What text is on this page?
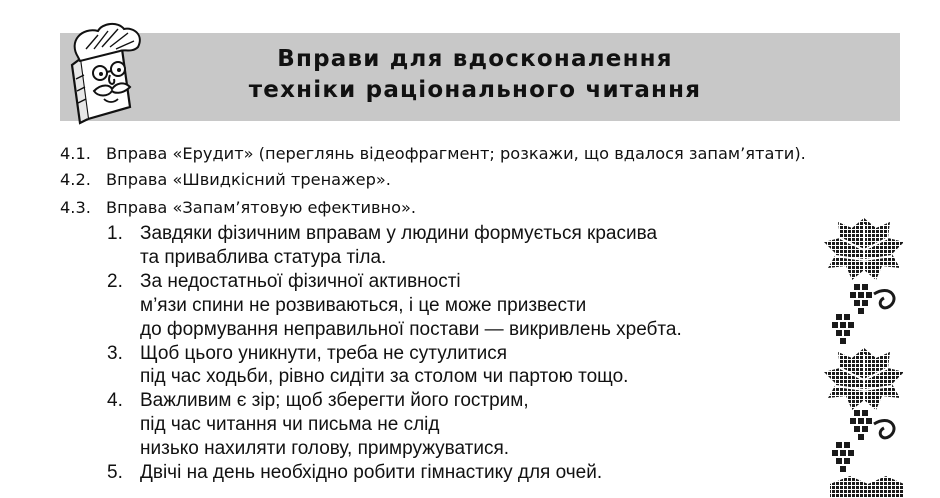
Вправи для вдосконалення
техніки раціонального читання
4.1. Вправа «Ерудит» (переглянь відеофрагмент; розкажи, що вдалося запам’ятати).
4.2. Вправа «Швидкісний тренажер».
4.3. Вправа «Запам’ятовую ефективно».
1. Завдяки фізичним вправам у людини формується красива
та приваблива статура тіла.
2. За недостатньої фізичної активності
м’язи спини не розвиваються, і це може призвести
до формування неправильної постави — викривлень хребта.
3. Щоб цього уникнути, треба не сутулитися
під час ходьби, рівно сидіти за столом чи партою тощо.
4. Важливим є зір; щоб зберегти його гострим,
під час читання чи письма не слід
низько нахиляти голову, примружуватися.
5. Двічі на день необхідно робити гімнастику для очей.
